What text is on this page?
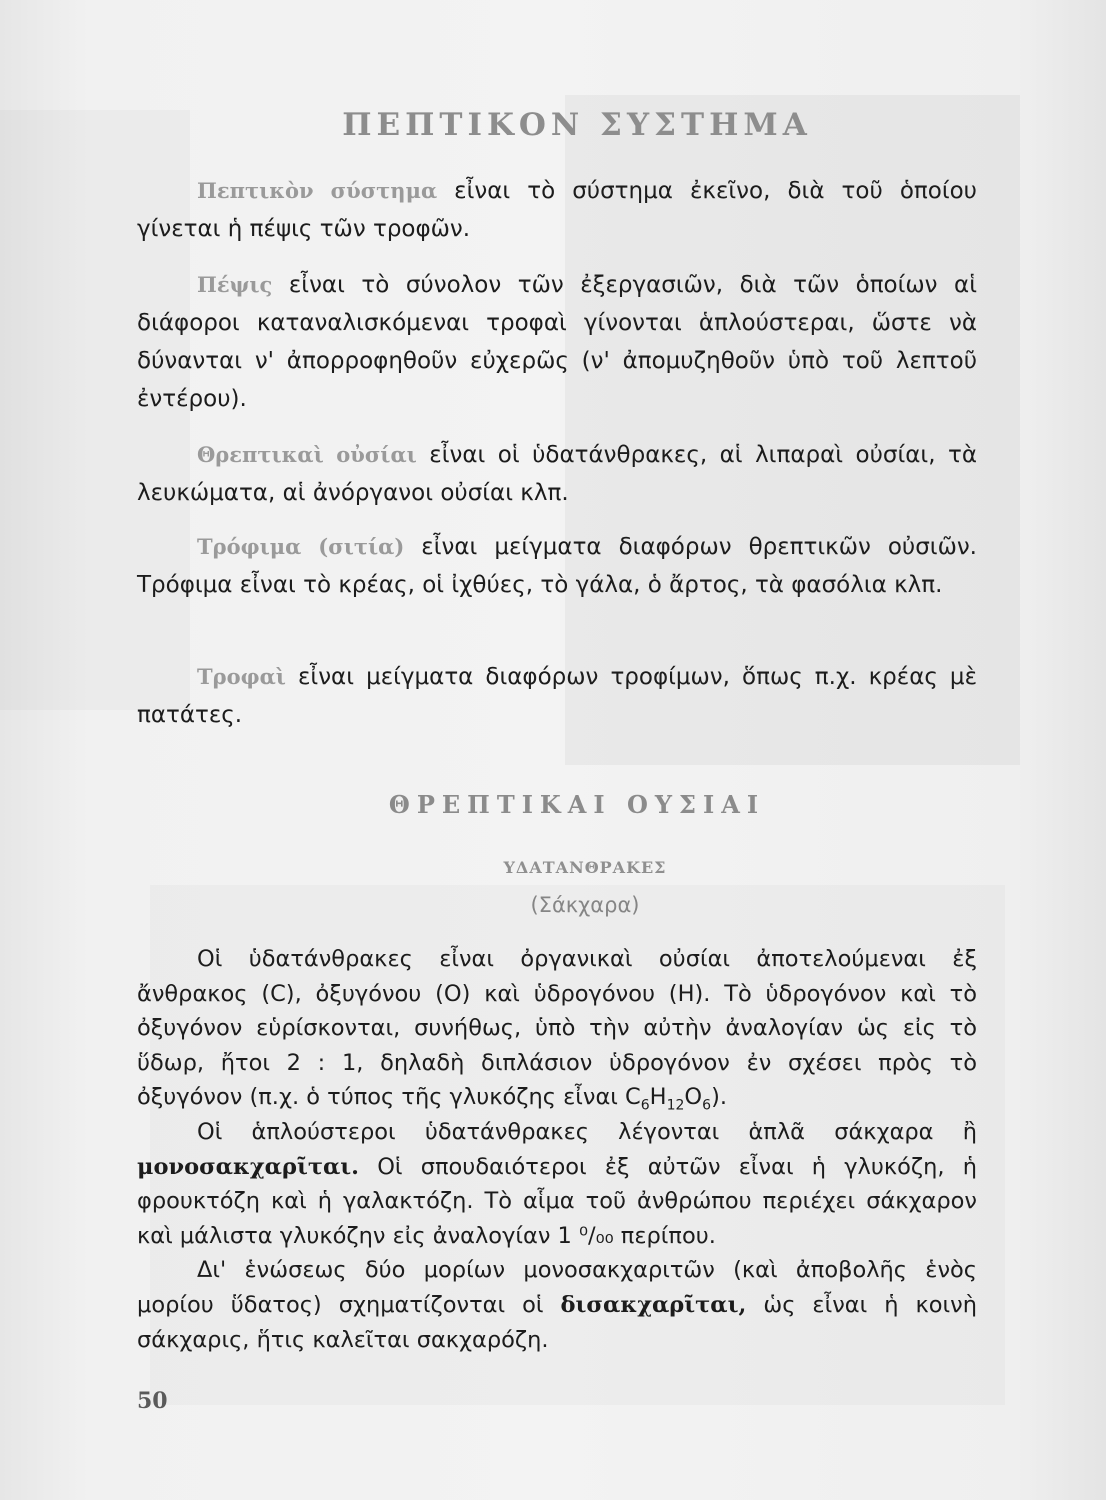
ΠΕΠΤΙΚΟΝ ΣΥΣΤΗΜΑ

Πεπτικὸν σύστημα εἶναι τὸ σύστημα ἐκεῖνο, διὰ τοῦ ὁποίου γίνεται ἡ πέψις τῶν τροφῶν.

Πέψις εἶναι τὸ σύνολον τῶν ἐξεργασιῶν, διὰ τῶν ὁποίων αἱ διάφοροι καταναλισκόμεναι τροφαὶ γίνονται ἁπλούστεραι, ὥστε νὰ δύνανται ν' ἀπορροφηθοῦν εὐχερῶς (ν' ἀπομυζηθοῦν ὑπὸ τοῦ λεπτοῦ ἐντέρου).

Θρεπτικαὶ οὐσίαι εἶναι οἱ ὑδατάνθρακες, αἱ λιπαραὶ οὐσίαι, τὰ λευκώματα, αἱ ἀνόργανοι οὐσίαι κλπ.

Τρόφιμα (σιτία) εἶναι μείγματα διαφόρων θρεπτικῶν οὐσιῶν. Τρόφιμα εἶναι τὸ κρέας, οἱ ἰχθύες, τὸ γάλα, ὁ ἄρτος, τὰ φασόλια κλπ.

Τροφαὶ εἶναι μείγματα διαφόρων τροφίμων, ὅπως π.χ. κρέας μὲ πατάτες.

ΘΡΕΠΤΙΚΑΙ ΟΥΣΙΑΙ
ΥΔΑΤΑΝΘΡΑΚΕΣ
(Σάκχαρα)

Οἱ ὑδατάνθρακες εἶναι ὀργανικαὶ οὐσίαι ἀποτελούμεναι ἐξ ἄνθρακος (C), ὀξυγόνου (O) καὶ ὑδρογόνου (H). Τὸ ὑδρογόνον καὶ τὸ ὀξυγόνον εὑρίσκονται, συνήθως, ὑπὸ τὴν αὐτὴν ἀναλογίαν ὡς εἰς τὸ ὕδωρ, ἤτοι 2 : 1, δηλαδὴ διπλάσιον ὑδρογόνον ἐν σχέσει πρὸς τὸ ὀξυγόνον (π.χ. ὁ τύπος τῆς γλυκόζης εἶναι $C_6H_{12}O_6$).

Οἱ ἁπλούστεροι ὑδατάνθρακες λέγονται ἁπλᾶ σάκχαρα ἢ μονοσακχαρῖται. Οἱ σπουδαιότεροι ἐξ αὐτῶν εἶναι ἡ γλυκόζη, ἡ φρουκτόζη καὶ ἡ γαλακτόζη. Τὸ αἷμα τοῦ ἀνθρώπου περιέχει σάκχαρον καὶ μάλιστα γλυκόζην εἰς ἀναλογίαν 1 ⁰/₀₀ περίπου.

Δι' ἑνώσεως δύο μορίων μονοσακχαριτῶν (καὶ ἀποβολῆς ἑνὸς μορίου ὕδατος) σχηματίζονται οἱ δισακχαρῖται, ὡς εἶναι ἡ κοινὴ σάκχαρις, ἥτις καλεῖται σακχαρόζη.

50
